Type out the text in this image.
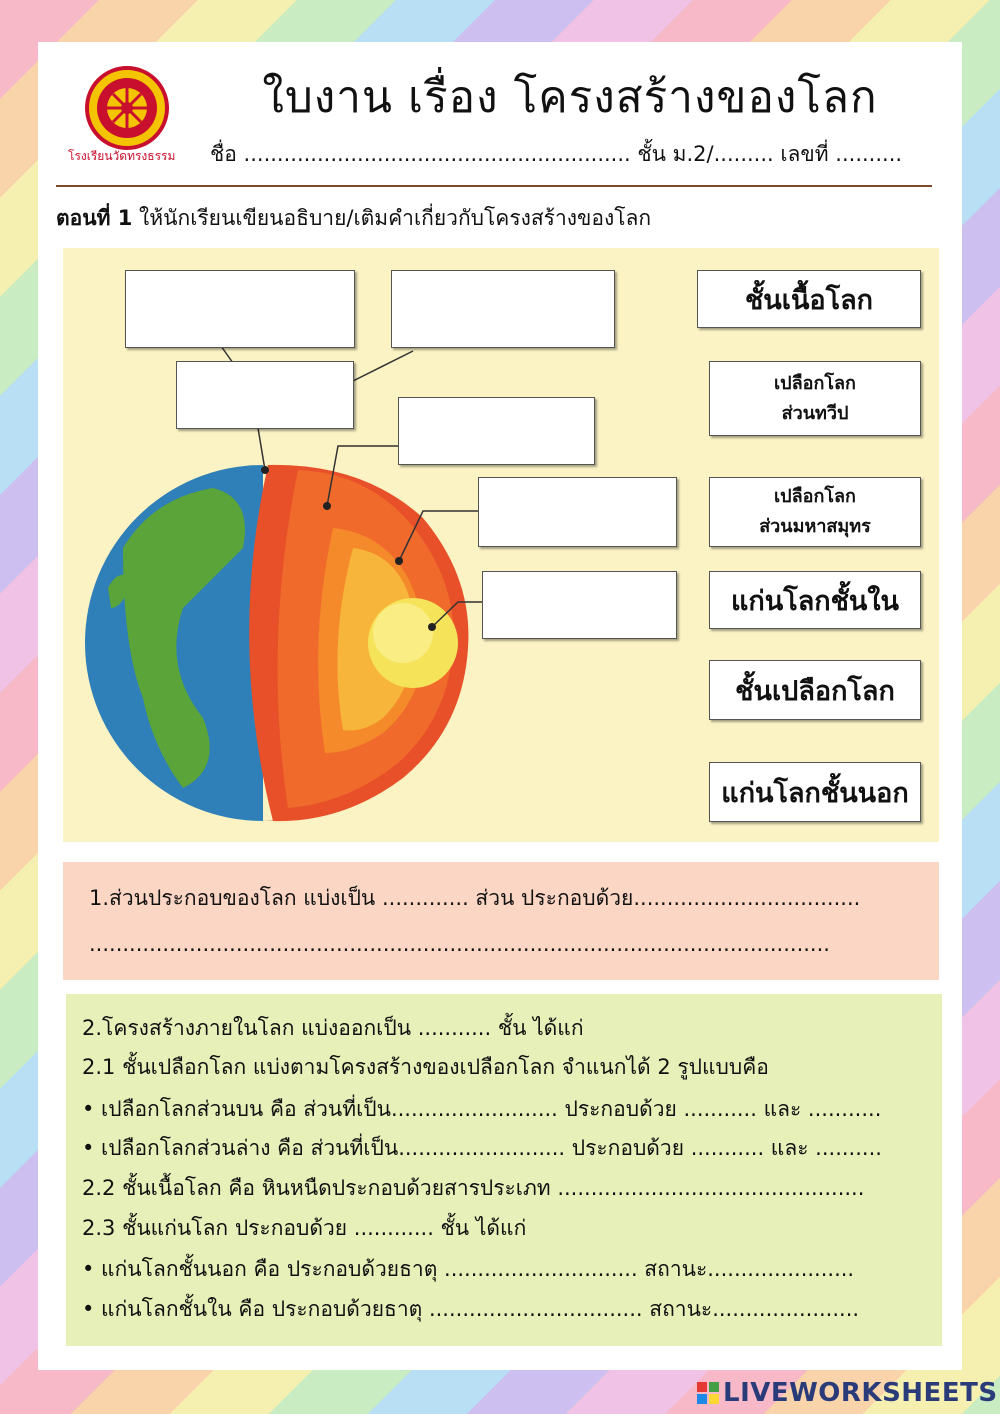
โรงเรียนวัดทรงธรรม
ใบงาน เรื่อง โครงสร้างของโลก
ชื่อ .......................................................... ชั้น ม.2/......... เลขที่ ..........
ตอนที่ 1 ให้นักเรียนเขียนอธิบาย/เติมคำเกี่ยวกับโครงสร้างของโลก
ชั้นเนื้อโลก
เปลือกโลก
ส่วนทวีป
เปลือกโลก
ส่วนมหาสมุทร
แก่นโลกชั้นใน
ชั้นเปลือกโลก
แก่นโลกชั้นนอก
1.ส่วนประกอบของโลก แบ่งเป็น ............. ส่วน ประกอบด้วย..................................
...............................................................................................................
2.โครงสร้างภายในโลก แบ่งออกเป็น ........... ชั้น ได้แก่
2.1 ชั้นเปลือกโลก แบ่งตามโครงสร้างของเปลือกโลก จำแนกได้ 2 รูปแบบคือ
• เปลือกโลกส่วนบน คือ ส่วนที่เป็น......................... ประกอบด้วย ........... และ ...........
• เปลือกโลกส่วนล่าง คือ ส่วนที่เป็น......................... ประกอบด้วย ........... และ ..........
2.2 ชั้นเนื้อโลก คือ หินหนืดประกอบด้วยสารประเภท ..............................................
2.3 ชั้นแก่นโลก ประกอบด้วย ............ ชั้น ได้แก่
• แก่นโลกชั้นนอก คือ ประกอบด้วยธาตุ ............................. สถานะ......................
• แก่นโลกชั้นใน คือ ประกอบด้วยธาตุ ................................ สถานะ......................
LIVEWORKSHEETS
